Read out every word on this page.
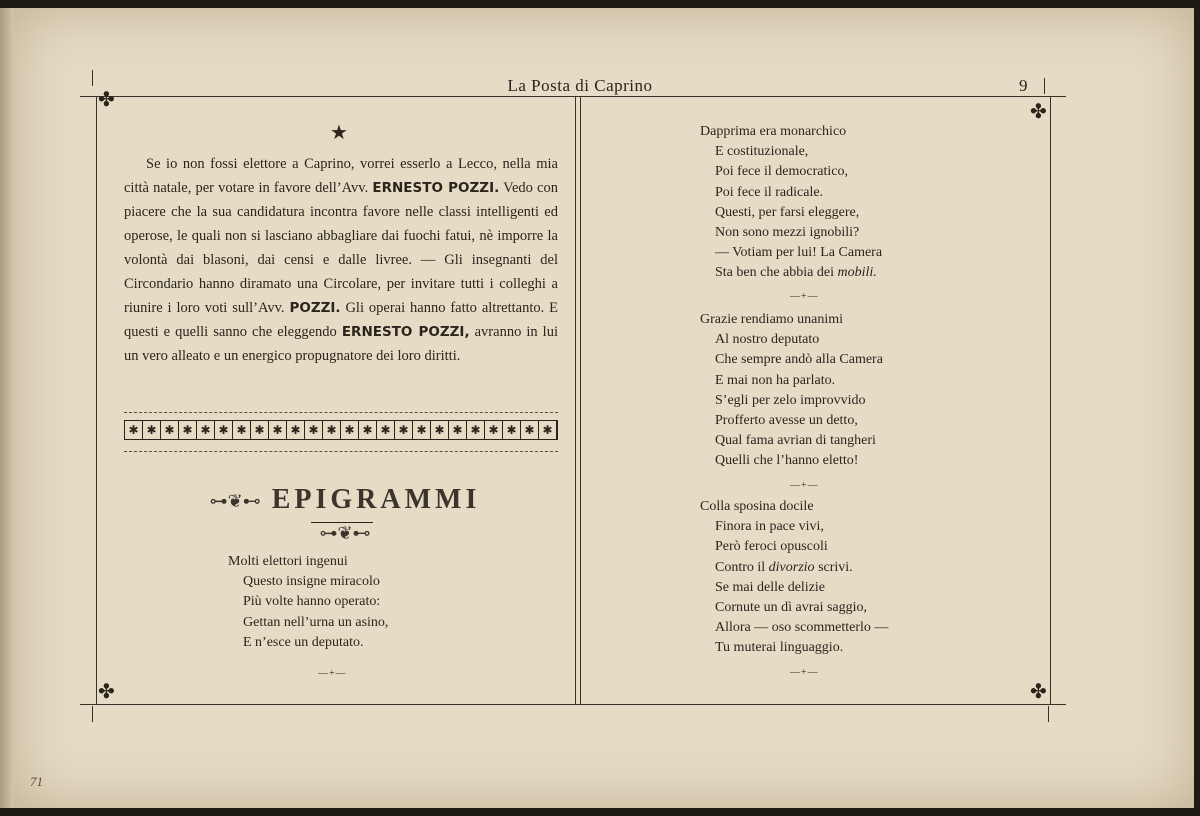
La Posta di Caprino	9
✤
✤
✤	✤
★
Se io non fossi elettore a Caprino, vorrei esserlo a Lecco, nella mia città natale, per votare in favore dell’Avv. ERNESTO POZZI. Vedo con piacere che la sua candidatura incontra favore nelle classi intelligenti ed operose, le quali non si lasciano abbagliare dai fuochi fatui, nè imporre la volontà dai blasoni, dai censi e dalle livree. — Gli insegnanti del Circondario hanno diramato una Circolare, per invitare tutti i colleghi a riunire i loro voti sull’Avv. POZZI. Gli operai hanno fatto altrettanto. E questi e quelli sanno che eleggendo ERNESTO POZZI, avranno in lui un vero alleato e un energico propugnatore dei loro diritti.
✱ ✱ ✱ ✱ ✱ ✱ ✱ ✱ ✱ ✱ ✱ ✱ ✱ ✱ ✱ ✱ ✱ ✱ ✱ ✱ ✱ ✱ ✱ ✱
⊶❦⊷ EPIGRAMMI ⊶❦⊷
Molti elettori ingenui
Questo insigne miracolo
Più volte hanno operato:
Gettan nell’urna un asino,
E n’esce un deputato.
—+—
Dapprima era monarchico
E costituzionale,
Poi fece il democratico,
Poi fece il radicale.
Questi, per farsi eleggere,
Non sono mezzi ignobili?
— Votiam per lui! La Camera
Sta ben che abbia dei mobili.
—+—
Grazie rendiamo unanimi
Al nostro deputato
Che sempre andò alla Camera
E mai non ha parlato.
S’egli per zelo improvvido
Profferto avesse un detto,
Qual fama avrian di tangheri
Quelli che l’hanno eletto!
—+—
Colla sposina docile
Finora in pace vivi,
Però feroci opuscoli
Contro il divorzio scrivi.
Se mai delle delizie
Cornute un dì avrai saggio,
Allora — oso scommetterlo —
Tu muterai linguaggio.
—+—
71
